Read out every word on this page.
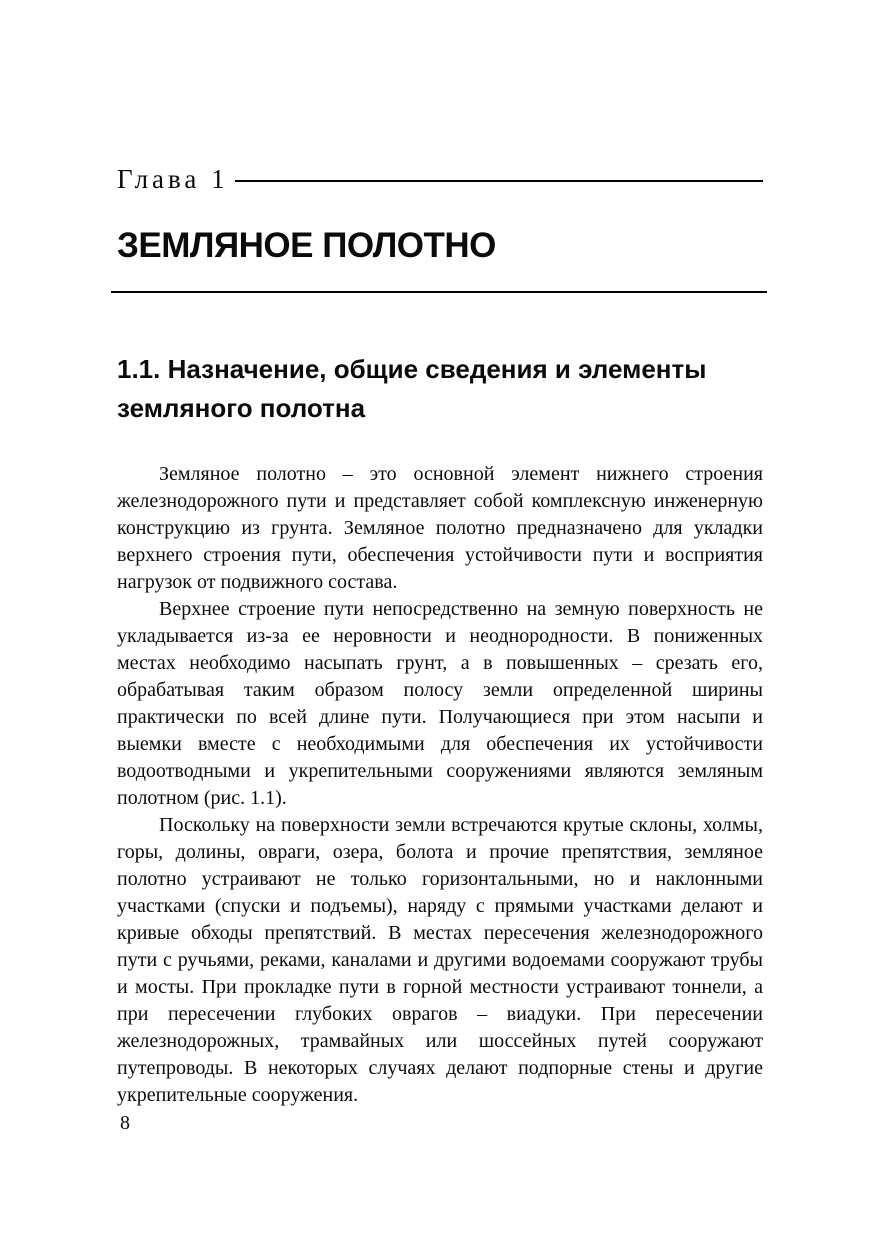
Глава 1
ЗЕМЛЯНОЕ ПОЛОТНО
1.1. Назначение, общие сведения и элементы земляного полотна

Земляное полотно – это основной элемент нижнего строения железнодорожного пути и представляет собой комплексную инженерную конструкцию из грунта. Земляное полотно предназначено для укладки верхнего строения пути, обеспечения устойчивости пути и восприятия нагрузок от подвижного состава.

Верхнее строение пути непосредственно на земную поверхность не укладывается из-за ее неровности и неоднородности. В пониженных местах необходимо насыпать грунт, а в повышенных – срезать его, обрабатывая таким образом полосу земли определенной ширины практически по всей длине пути. Получающиеся при этом насыпи и выемки вместе с необходимыми для обеспечения их устойчивости водоотводными и укрепительными сооружениями являются земляным полотном (рис. 1.1).

Поскольку на поверхности земли встречаются крутые склоны, холмы, горы, долины, овраги, озера, болота и прочие препятствия, земляное полотно устраивают не только горизонтальными, но и наклонными участками (спуски и подъемы), наряду с прямыми участками делают и кривые обходы препятствий. В местах пересечения железнодорожного пути с ручьями, реками, каналами и другими водоемами сооружают трубы и мосты. При прокладке пути в горной местности устраивают тоннели, а при пересечении глубоких оврагов – виадуки. При пересечении железнодорожных, трамвайных или шоссейных путей сооружают путепроводы. В некоторых случаях делают подпорные стены и другие укрепительные сооружения.

8
